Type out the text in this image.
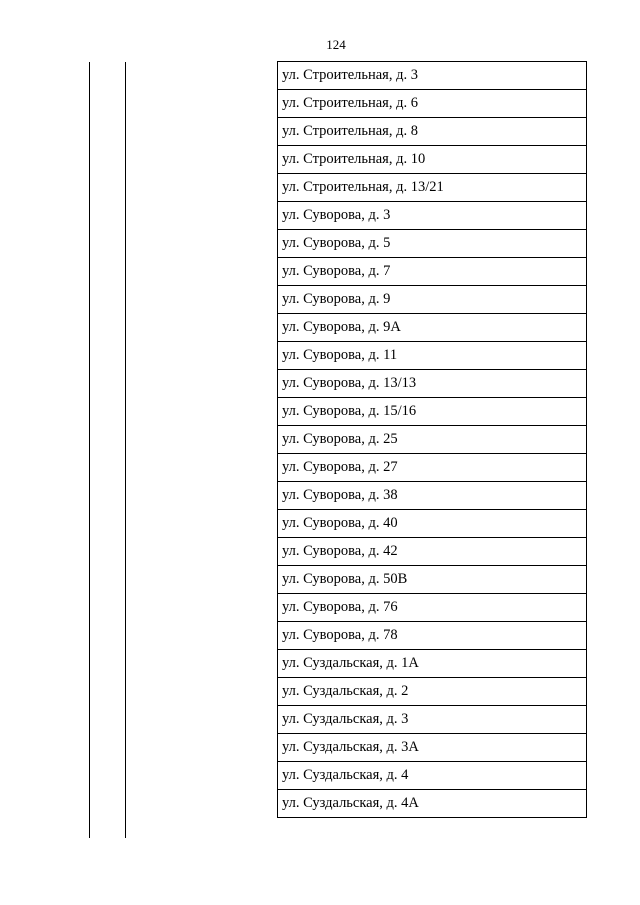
124
ул. Строительная, д. 3
ул. Строительная, д. 6
ул. Строительная, д. 8
ул. Строительная, д. 10
ул. Строительная, д. 13/21
ул. Суворова, д. 3
ул. Суворова, д. 5
ул. Суворова, д. 7
ул. Суворова, д. 9
ул. Суворова, д. 9А
ул. Суворова, д. 11
ул. Суворова, д. 13/13
ул. Суворова, д. 15/16
ул. Суворова, д. 25
ул. Суворова, д. 27
ул. Суворова, д. 38
ул. Суворова, д. 40
ул. Суворова, д. 42
ул. Суворова, д. 50В
ул. Суворова, д. 76
ул. Суворова, д. 78
ул. Суздальская, д. 1А
ул. Суздальская, д. 2
ул. Суздальская, д. 3
ул. Суздальская, д. 3А
ул. Суздальская, д. 4
ул. Суздальская, д. 4А
